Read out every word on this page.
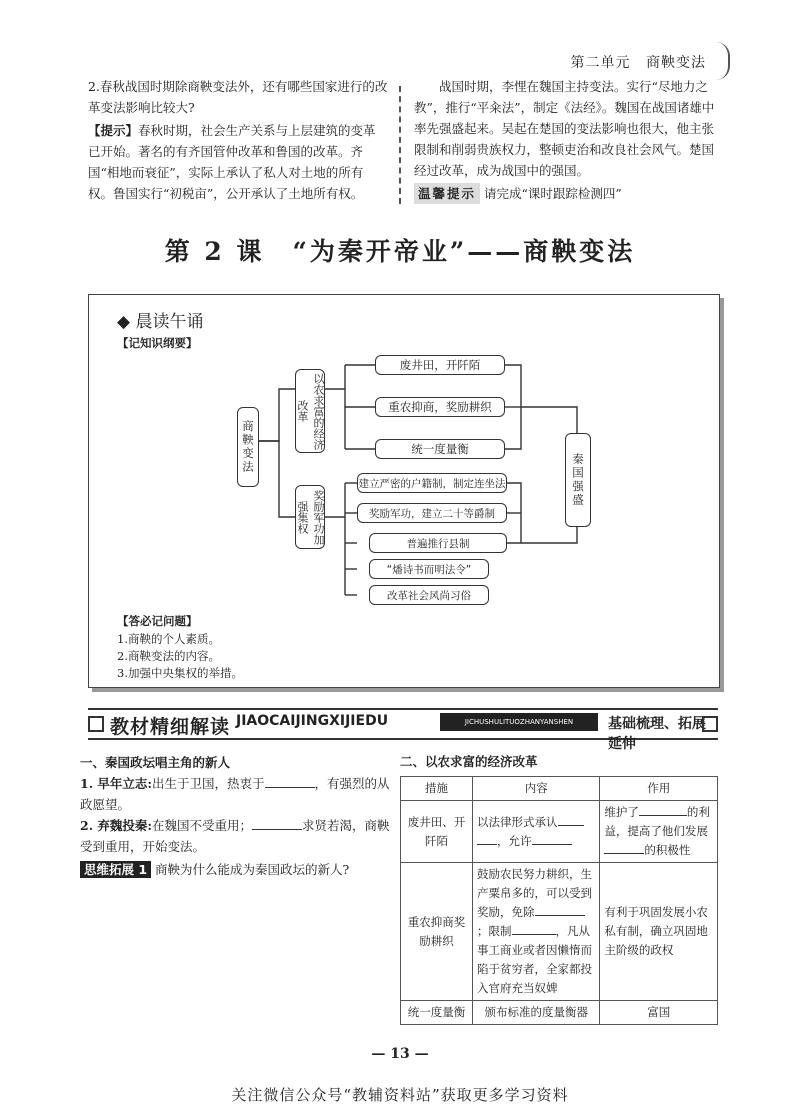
第二单元 商鞅变法
2.春秋战国时期除商鞅变法外，还有哪些国家进行的改革变法影响比较大?
【提示】春秋时期，社会生产关系与上层建筑的变革已开始。著名的有齐国管仲改革和鲁国的改革。齐国“相地而衰征”，实际上承认了私人对土地的所有权。鲁国实行“初税亩”，公开承认了土地所有权。
战国时期，李悝在魏国主持变法。实行“尽地力之教”，推行“平籴法”，制定《法经》。魏国在战国诸雄中率先强盛起来。吴起在楚国的变法影响也很大，他主张限制和削弱贵族权力，整顿吏治和改良社会风气。楚国经过改革，成为战国中的强国。
温馨提示 请完成“课时跟踪检测四”
第 2 课　“为秦开帝业”——商鞅变法
◆ 晨读午诵
【记知识纲要】
商鞅变法	以农求富的经济改革
奖励军功加强集权
废井田，开阡陌
重农抑商，奖励耕织
统一度量衡
建立严密的户籍制，制定连坐法
奖励军功，建立二十等爵制
普遍推行县制
“燔诗书而明法令”
改革社会风尚习俗
秦国强盛
【答必记问题】
1.商鞅的个人素质。
2.商鞅变法的内容。
3.加强中央集权的举措。
教材精细解读 JIAOCAIJINGXIJIEDU	JICHUSHULITUOZHANYANSHEN	基础梳理、拓展延伸
一、秦国政坛唱主角的新人
1. 早年立志:出生于卫国，热衷于	，有强烈的从政愿望。
2. 弃魏投秦:在魏国不受重用；	求贤若渴，商鞅受到重用，开始变法。
思维拓展 1 商鞅为什么能成为秦国政坛的新人?
二、以农求富的经济改革
措施	内容	作用
废井田、开阡陌	以法律形式承认，允许	维护了 的利益，提高了他们发展的积极性
重农抑商奖励耕织	鼓励农民努力耕织，生产粟帛多的，可以受到奖励，免除；限制 ，凡从事工商业或者因懒惰而陷于贫穷者，全家都投入官府充当奴婢	有利于巩固发展小农私有制，确立巩固地主阶级的政权
统一度量衡	颁布标准的度量衡器	富国
— 13 —
关注微信公众号“教辅资料站”获取更多学习资料
